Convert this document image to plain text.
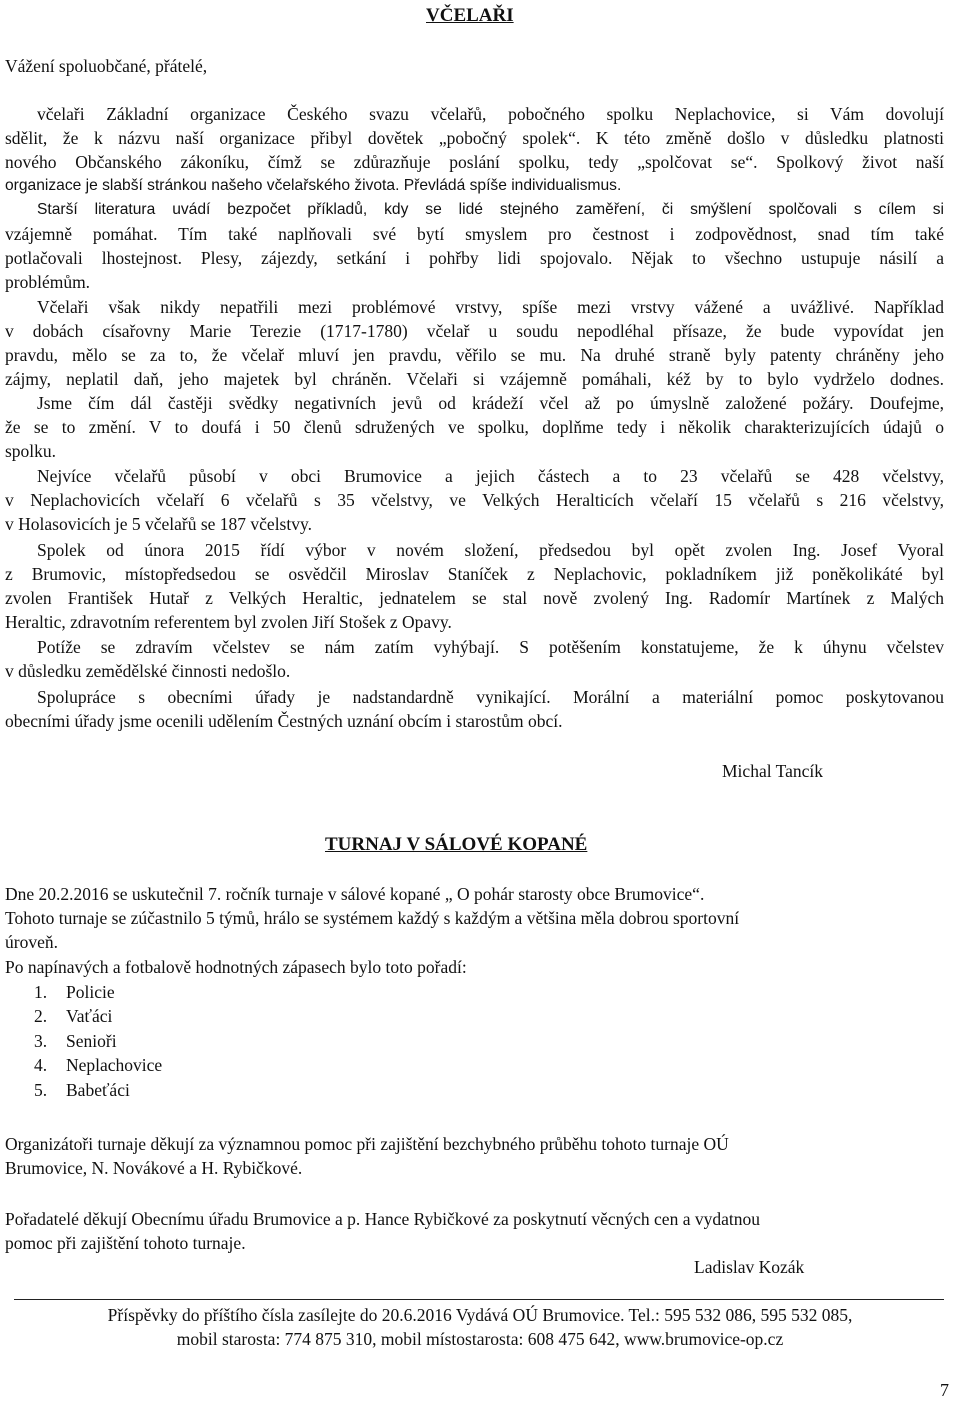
VČELAŘI

Vážení spoluobčané, přátelé,

včelaři Základní organizace Českého svazu včelařů, pobočného spolku Neplachovice, si Vám dovolují

sdělit, že k názvu naší organizace přibyl dovětek „pobočný spolek“. K této změně došlo v důsledku platnosti

nového Občanského zákoníku, čímž se zdůrazňuje poslání spolku, tedy „spolčovat se“. Spolkový život naší

organizace je slabší stránkou našeho včelařského života. Převládá spíše individualismus.

Starší literatura uvádí bezpočet příkladů, kdy se lidé stejného zaměření, či smýšlení spolčovali s cílem si

vzájemně pomáhat. Tím také naplňovali své bytí smyslem pro čestnost i zodpovědnost, snad tím také

potlačovali lhostejnost. Plesy, zájezdy, setkání i pohřby lidi spojovalo. Nějak to všechno ustupuje násilí a

problémům.

Včelaři však nikdy nepatřili mezi problémové vrstvy, spíše mezi vrstvy vážené a uvážlivé. Například

v dobách císařovny Marie Terezie (1717-1780) včelař u soudu nepodléhal přísaze, že bude vypovídat jen

pravdu, mělo se za to, že včelař mluví jen pravdu, věřilo se mu. Na druhé straně byly patenty chráněny jeho

zájmy, neplatil daň, jeho majetek byl chráněn. Včelaři si vzájemně pomáhali, kéž by to bylo vydrželo dodnes.

Jsme čím dál častěji svědky negativních jevů od krádeží včel až po úmyslně založené požáry. Doufejme,

že se to změní. V to doufá i 50 členů sdružených ve spolku, doplňme tedy i několik charakterizujících údajů o

spolku.

Nejvíce včelařů působí v obci Brumovice a jejich částech a to 23 včelařů se 428 včelstvy,

v Neplachovicích včelaří 6 včelařů s 35 včelstvy, ve Velkých Heralticích včelaří 15 včelařů s 216 včelstvy,

v Holasovicích je 5 včelařů se 187 včelstvy.

Spolek od února 2015 řídí výbor v novém složení, předsedou byl opět zvolen Ing. Josef Vyoral

z Brumovic, místopředsedou se osvědčil Miroslav Staníček z Neplachovic, pokladníkem již poněkolikáté byl

zvolen František Hutař z Velkých Heraltic, jednatelem se stal nově zvolený Ing. Radomír Martínek z Malých

Heraltic, zdravotním referentem byl zvolen Jiří Stošek z Opavy.

Potíže se zdravím včelstev se nám zatím vyhýbají. S potěšením konstatujeme, že k úhynu včelstev

v důsledku zemědělské činnosti nedošlo.

Spolupráce s obecními úřady je nadstandardně vynikající. Morální a materiální pomoc poskytovanou

obecními úřady jsme ocenili udělením Čestných uznání obcím i starostům obcí.

Michal Tancík

TURNAJ V SÁLOVÉ KOPANÉ

Dne 20.2.2016 se uskutečnil 7. ročník turnaje v sálové kopané „ O pohár starosty obce Brumovice“.

Tohoto turnaje se zúčastnilo 5 týmů, hrálo se systémem každý s každým a většina měla dobrou sportovní

úroveň.

Po napínavých a fotbalově hodnotných zápasech bylo toto pořadí:

1. Policie
2. Vaťáci
3. Senioři
4. Neplachovice
5. Babeťáci

Organizátoři turnaje děkují za významnou pomoc při zajištění bezchybného průběhu tohoto turnaje OÚ

Brumovice, N. Novákové a H. Rybičkové.

Pořadatelé děkují Obecnímu úřadu Brumovice a p. Hance Rybičkové za poskytnutí věcných cen a vydatnou

pomoc při zajištění tohoto turnaje.

Ladislav Kozák

Příspěvky do příštího čísla zasílejte do 20.6.2016 Vydává OÚ Brumovice. Tel.: 595 532 086, 595 532 085,

mobil starosta: 774 875 310, mobil místostarosta: 608 475 642, www.brumovice-op.cz

7
